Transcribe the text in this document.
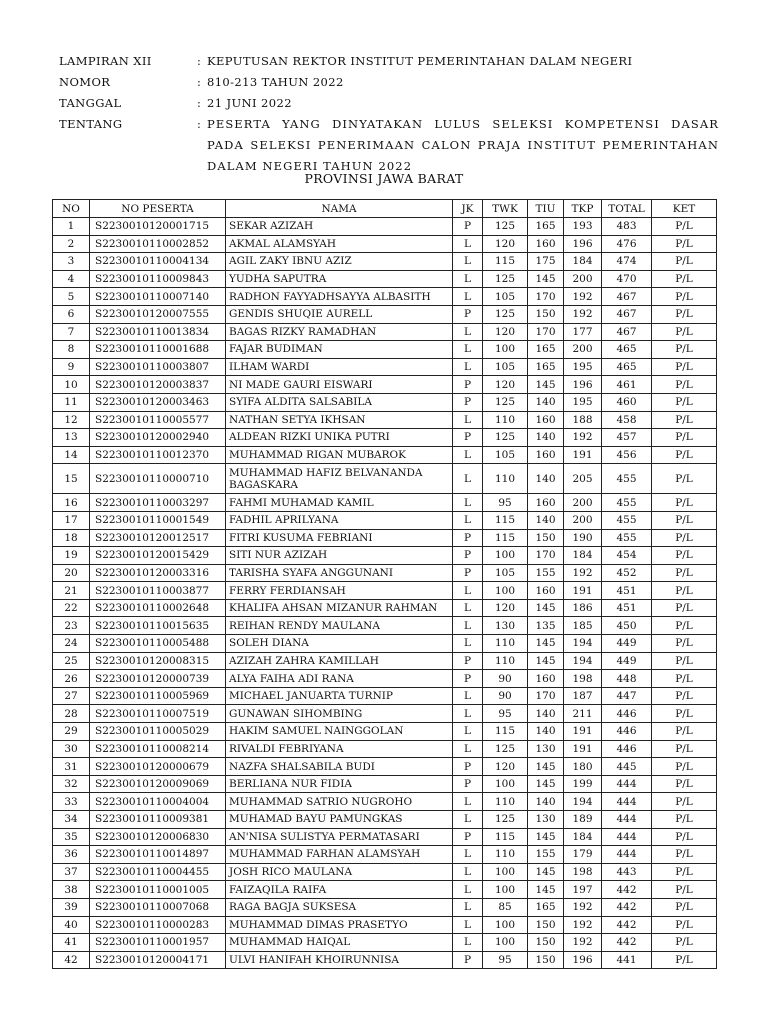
LAMPIRAN XII	: KEPUTUSAN REKTOR INSTITUT PEMERINTAHAN DALAM NEGERI
NOMOR	: 810-213 TAHUN 2022
TANGGAL	: 21 JUNI 2022
TENTANG	: PESERTA YANG DINYATAKAN LULUS SELEKSI KOMPETENSI DASAR PADA SELEKSI PENERIMAAN CALON PRAJA INSTITUT PEMERINTAHAN DALAM NEGERI TAHUN 2022
PROVINSI JAWA BARAT
NO	NO PESERTA	NAMA	JK	TWK	TIU	TKP	TOTAL	KET
1	S2230010120001715	SEKAR AZIZAH	P	125	165	193	483	P/L
2	S2230010110002852	AKMAL ALAMSYAH	L	120	160	196	476	P/L
3	S2230010110004134	AGIL ZAKY IBNU AZIZ	L	115	175	184	474	P/L
4	S2230010110009843	YUDHA SAPUTRA	L	125	145	200	470	P/L
5	S2230010110007140	RADHON FAYYADHSAYYA ALBASITH	L	105	170	192	467	P/L
6	S2230010120007555	GENDIS SHUQIE AURELL	P	125	150	192	467	P/L
7	S2230010110013834	BAGAS RIZKY RAMADHAN	L	120	170	177	467	P/L
8	S2230010110001688	FAJAR BUDIMAN	L	100	165	200	465	P/L
9	S2230010110003807	ILHAM WARDI	L	105	165	195	465	P/L
10	S2230010120003837	NI MADE GAURI EISWARI	P	120	145	196	461	P/L
11	S2230010120003463	SYIFA ALDITA SALSABILA	P	125	140	195	460	P/L
12	S2230010110005577	NATHAN SETYA IKHSAN	L	110	160	188	458	P/L
13	S2230010120002940	ALDEAN RIZKI UNIKA PUTRI	P	125	140	192	457	P/L
14	S2230010110012370	MUHAMMAD RIGAN MUBAROK	L	105	160	191	456	P/L
15	S2230010110000710	MUHAMMAD HAFIZ BELVANANDA BAGASKARA	L	110	140	205	455	P/L
16	S2230010110003297	FAHMI MUHAMAD KAMIL	L	95	160	200	455	P/L
17	S2230010110001549	FADHIL APRILYANA	L	115	140	200	455	P/L
18	S2230010120012517	FITRI KUSUMA FEBRIANI	P	115	150	190	455	P/L
19	S2230010120015429	SITI NUR AZIZAH	P	100	170	184	454	P/L
20	S2230010120003316	TARISHA SYAFA ANGGUNANI	P	105	155	192	452	P/L
21	S2230010110003877	FERRY FERDIANSAH	L	100	160	191	451	P/L
22	S2230010110002648	KHALIFA AHSAN MIZANUR RAHMAN	L	120	145	186	451	P/L
23	S2230010110015635	REIHAN RENDY MAULANA	L	130	135	185	450	P/L
24	S2230010110005488	SOLEH DIANA	L	110	145	194	449	P/L
25	S2230010120008315	AZIZAH ZAHRA KAMILLAH	P	110	145	194	449	P/L
26	S2230010120000739	ALYA FAIHA ADI RANA	P	90	160	198	448	P/L
27	S2230010110005969	MICHAEL JANUARTA TURNIP	L	90	170	187	447	P/L
28	S2230010110007519	GUNAWAN SIHOMBING	L	95	140	211	446	P/L
29	S2230010110005029	HAKIM SAMUEL NAINGGOLAN	L	115	140	191	446	P/L
30	S2230010110008214	RIVALDI FEBRIYANA	L	125	130	191	446	P/L
31	S2230010120000679	NAZFA SHALSABILA BUDI	P	120	145	180	445	P/L
32	S2230010120009069	BERLIANA NUR FIDIA	P	100	145	199	444	P/L
33	S2230010110004004	MUHAMMAD SATRIO NUGROHO	L	110	140	194	444	P/L
34	S2230010110009381	MUHAMAD BAYU PAMUNGKAS	L	125	130	189	444	P/L
35	S2230010120006830	AN'NISA SULISTYA PERMATASARI	P	115	145	184	444	P/L
36	S2230010110014897	MUHAMMAD FARHAN ALAMSYAH	L	110	155	179	444	P/L
37	S2230010110004455	JOSH RICO MAULANA	L	100	145	198	443	P/L
38	S2230010110001005	FAIZAQILA RAIFA	L	100	145	197	442	P/L
39	S2230010110007068	RAGA BAGJA SUKSESA	L	85	165	192	442	P/L
40	S2230010110000283	MUHAMMAD DIMAS PRASETYO	L	100	150	192	442	P/L
41	S2230010110001957	MUHAMMAD HAIQAL	L	100	150	192	442	P/L
42	S2230010120004171	ULVI HANIFAH KHOIRUNNISA	P	95	150	196	441	P/L
